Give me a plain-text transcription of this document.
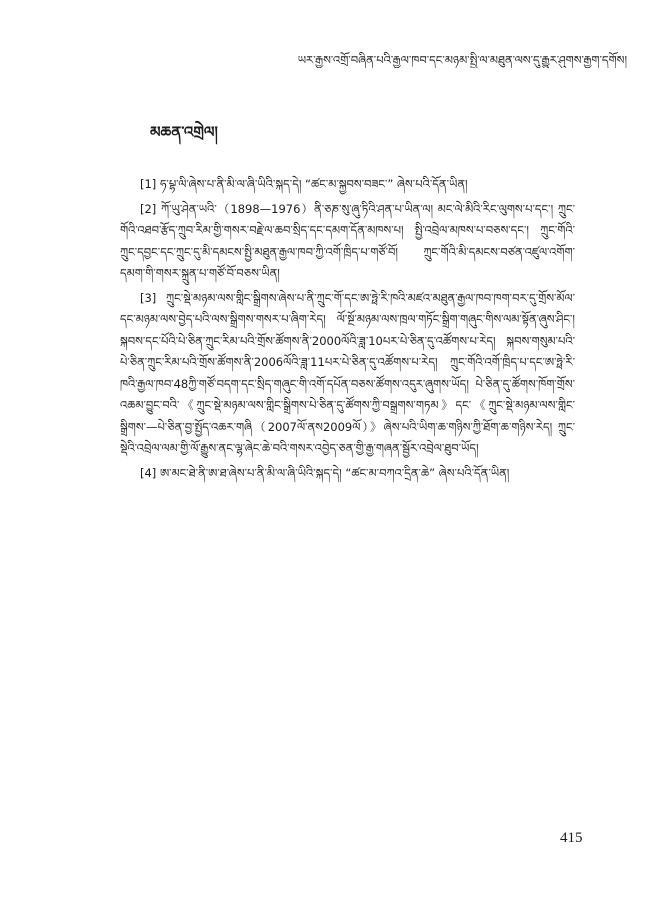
ཡར་རྒྱས་འགྲོ་བཞིན་པའི་རྒྱལ་ཁབ་དང་མཉམ་སྤྱི་ལ་མཐུན་ལས་དུ་རྒྱུར་ཤུགས་རྒྱག་དགོས།
མཆན་འགྲེལ།

[1] ཧ་པྷ་ལི་ཞེས་པ་ནི་མི་ལ་ཞི་ཡིའི་སྐད་དེ། “ཚང་མ་སྐྱབས་བཟང་” ཞེས་པའི་དོན་ཡིན།

[2] ཀོ་ཡུ་ཤེན་ཡའི་（1898—1976）ནི་ཅཎ་སུ་ཞུ་ཏིའི་ཤན་པ་ཡིན་ལ། མང་ལེ་མིའི་རིང་ལུགས་པ་དང་། ཀྲུང་གོའི་འཐབ་རྩོད་ཀྲུབ་རིམ་གྱི་གསར་བརྗེ་ལ་ཆབ་སྲིད་དང་དམག་དོན་མཁས་པ། སྤྱི་འབྲེལ་མཁས་པ་བཅས་དང་། ཀྲུང་གོའི་ཀྲུང་དབྱང་དང་ཀྲུང་དུ་མི་དམངས་སྤྱི་མཐུན་རྒྱལ་ཁབ་ཀྱི་འགོ་ཁྲིད་པ་གཙོ་བོ། ཀྲུང་གོའི་མི་དམངས་བཙན་འཛུལ་འགོག་དམག་གི་གསར་སྐྲུན་པ་གཙོ་བོ་བཅས་ཡིན།

[3] ཀྲུང་སྡེ་མཉམ་ལས་གླིང་སྒྲིགས་ཞེས་པ་ནི་ཀྲུང་གོ་དང་ཨ་ཧྥེ་རི་ཁའི་མཛའ་མཐུན་རྒྱལ་ཁབ་ཁག་བར་དུ་གྲོས་མོལ་དང་མཉམ་ལས་བྱེད་པའི་ལས་སྒྲིགས་གསར་པ་ཞིག་རེད། ལོ་སྔོ་མཉམ་ལས་ཁྲལ་གཏོང་སྒྲིག་གཞུང་གིས་ལམ་སྟོན་ཞུས་ཤིང་། སྐབས་དང་པོའི་པེ་ཅིན་ཀྲུང་རིམ་པའི་གྲོས་ཚོགས་ནི་2000ལོའི་ཟླ་10པར་པེ་ཅིན་དུ་འཚོགས་པ་རེད། སྐབས་གསུམ་པའི་པེ་ཅིན་ཀྲུང་རིམ་པའི་གྲོས་ཚོགས་ནི་2006ལོའི་ཟླ་11པར་པེ་ཅིན་དུ་འཚོགས་པ་རེད། ཀྲུང་གོའི་འགོ་ཁྲིད་པ་དང་ཨ་ཧྥེ་རི་ཁའི་རྒྱལ་ཁབ་48ཀྱི་གཙོ་བདག་དང་སྲིད་གཞུང་གི་འགོ་དཔོན་བཅས་ཚོགས་འདུར་ཞུགས་ཡོད། པེ་ཅིན་དུ་ཚོགས་ཁོག་གྲོས་འཆམ་བྱུང་བའི་《ཀྲུང་སྡེ་མཉམ་ལས་གླིང་སྒྲིགས་པེ་ཅིན་དུ་ཚོགས་ཀྱི་བསྒྲགས་གཏམ》དང་《ཀྲུང་སྡེ་མཉམ་ལས་གླིང་སྒྲིགས་—པེ་ཅིན་བྱ་སྤྱོད་འཆར་གཞི（2007ལོ་ནས2009ལོ）》ཞེས་པའི་ཡིག་ཆ་གཉིས་ཀྱི་ཐོག་ཆ་གཉིས་རེད། ཀྲུང་སྡེའི་འབྲེལ་ལམ་གྱི་ལོ་རྒྱུས་ནང་ལྷ་ཞེང་ཆེ་བའི་གསར་འབྱེད་ཅན་གྱི་རྒྱ་གཞན་སྦྱོར་འབྲེལ་ཐུབ་ཡོད།

[4] ཨ་མང་ཐེ་ནི་ཨ་ཐ་ཞེས་པ་ནི་མི་ལ་ཞི་ཡིའི་སྐད་དེ། “ཚང་མ་བཀའ་དྲིན་ཆེ” ཞེས་པའི་དོན་ཡིན།

415
